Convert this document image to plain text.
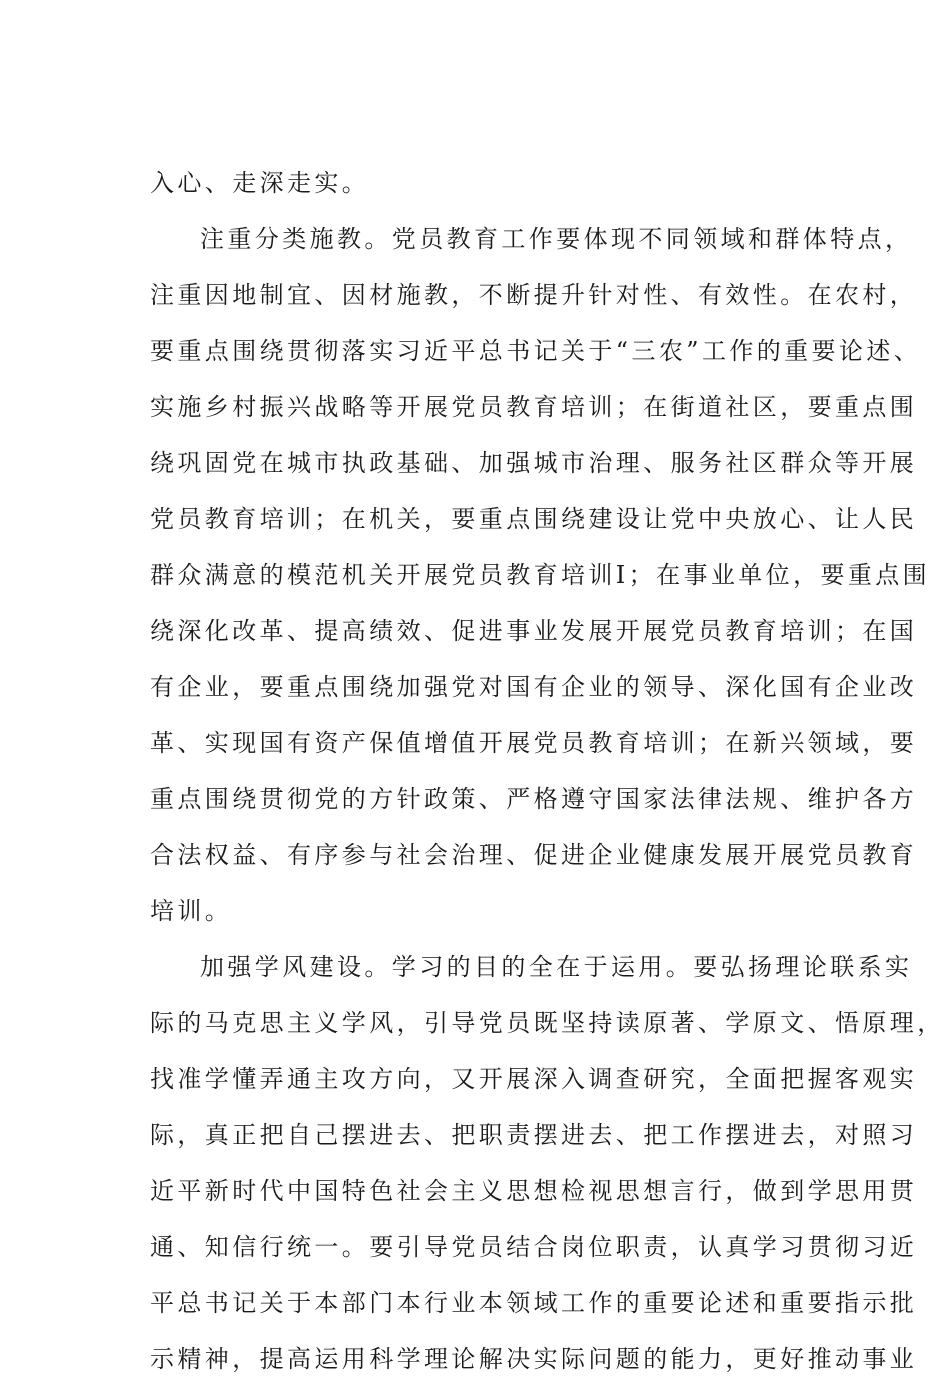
入心、走深走实。
注重分类施教。党员教育工作要体现不同领域和群体特点，
注重因地制宜、因材施教，不断提升针对性、有效性。在农村，
要重点围绕贯彻落实习近平总书记关于“三农”工作的重要论述、
实施乡村振兴战略等开展党员教育培训；在街道社区，要重点围
绕巩固党在城市执政基础、加强城市治理、服务社区群众等开展
党员教育培训；在机关，要重点围绕建设让党中央放心、让人民
群众满意的模范机关开展党员教育培训I；在事业单位，要重点围
绕深化改革、提高绩效、促进事业发展开展党员教育培训；在国
有企业，要重点围绕加强党对国有企业的领导、深化国有企业改
革、实现国有资产保值增值开展党员教育培训；在新兴领域，要
重点围绕贯彻党的方针政策、严格遵守国家法律法规、维护各方
合法权益、有序参与社会治理、促进企业健康发展开展党员教育
培训。
加强学风建设。学习的目的全在于运用。要弘扬理论联系实
际的马克思主义学风，引导党员既坚持读原著、学原文、悟原理，
找准学懂弄通主攻方向，又开展深入调查研究，全面把握客观实
际，真正把自己摆进去、把职责摆进去、把工作摆进去，对照习
近平新时代中国特色社会主义思想检视思想言行，做到学思用贯
通、知信行统一。要引导党员结合岗位职责，认真学习贯彻习近
平总书记关于本部门本行业本领域工作的重要论述和重要指示批
示精神，提高运用科学理论解决实际问题的能力，更好推动事业
